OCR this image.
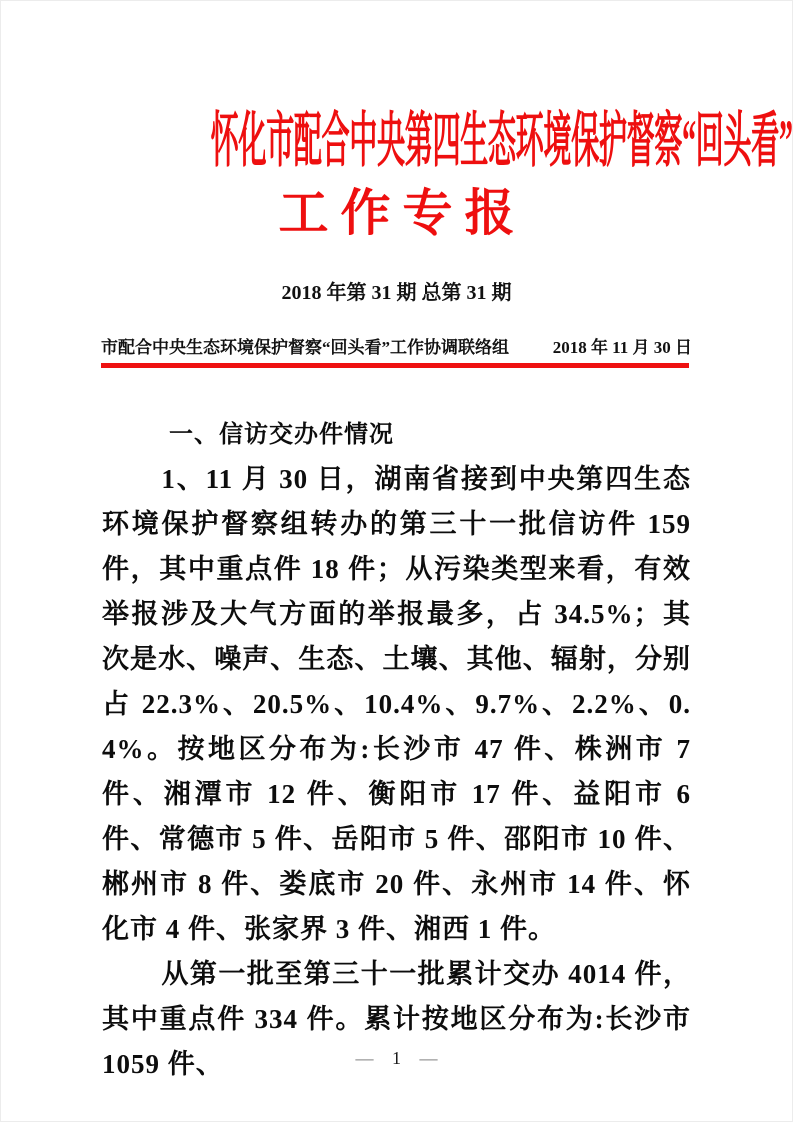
怀化市配合中央第四生态环境保护督察“回头看”
工作专报
2018 年第 31 期 总第 31 期
市配合中央生态环境保护督察“回头看”工作协调联络组	2018 年 11 月 30 日
一、信访交办件情况

1、11 月 30 日，湖南省接到中央第四生态环境保护督察组转办的第三十一批信访件 159 件，其中重点件 18 件；从污染类型来看，有效举报涉及大气方面的举报最多，占 34.5%；其次是水、噪声、生态、土壤、其他、辐射，分别占 22.3%、20.5%、10.4%、9.7%、2.2%、0.4%。按地区分布为:长沙市 47 件、株洲市 7 件、湘潭市 12 件、衡阳市 17 件、益阳市 6 件、常德市 5 件、岳阳市 5 件、邵阳市 10 件、郴州市 8 件、娄底市 20 件、永州市 14 件、怀化市 4 件、张家界 3 件、湘西 1 件。

从第一批至第三十一批累计交办 4014 件，其中重点件 334 件。累计按地区分布为:长沙市 1059 件、	— 1 —
